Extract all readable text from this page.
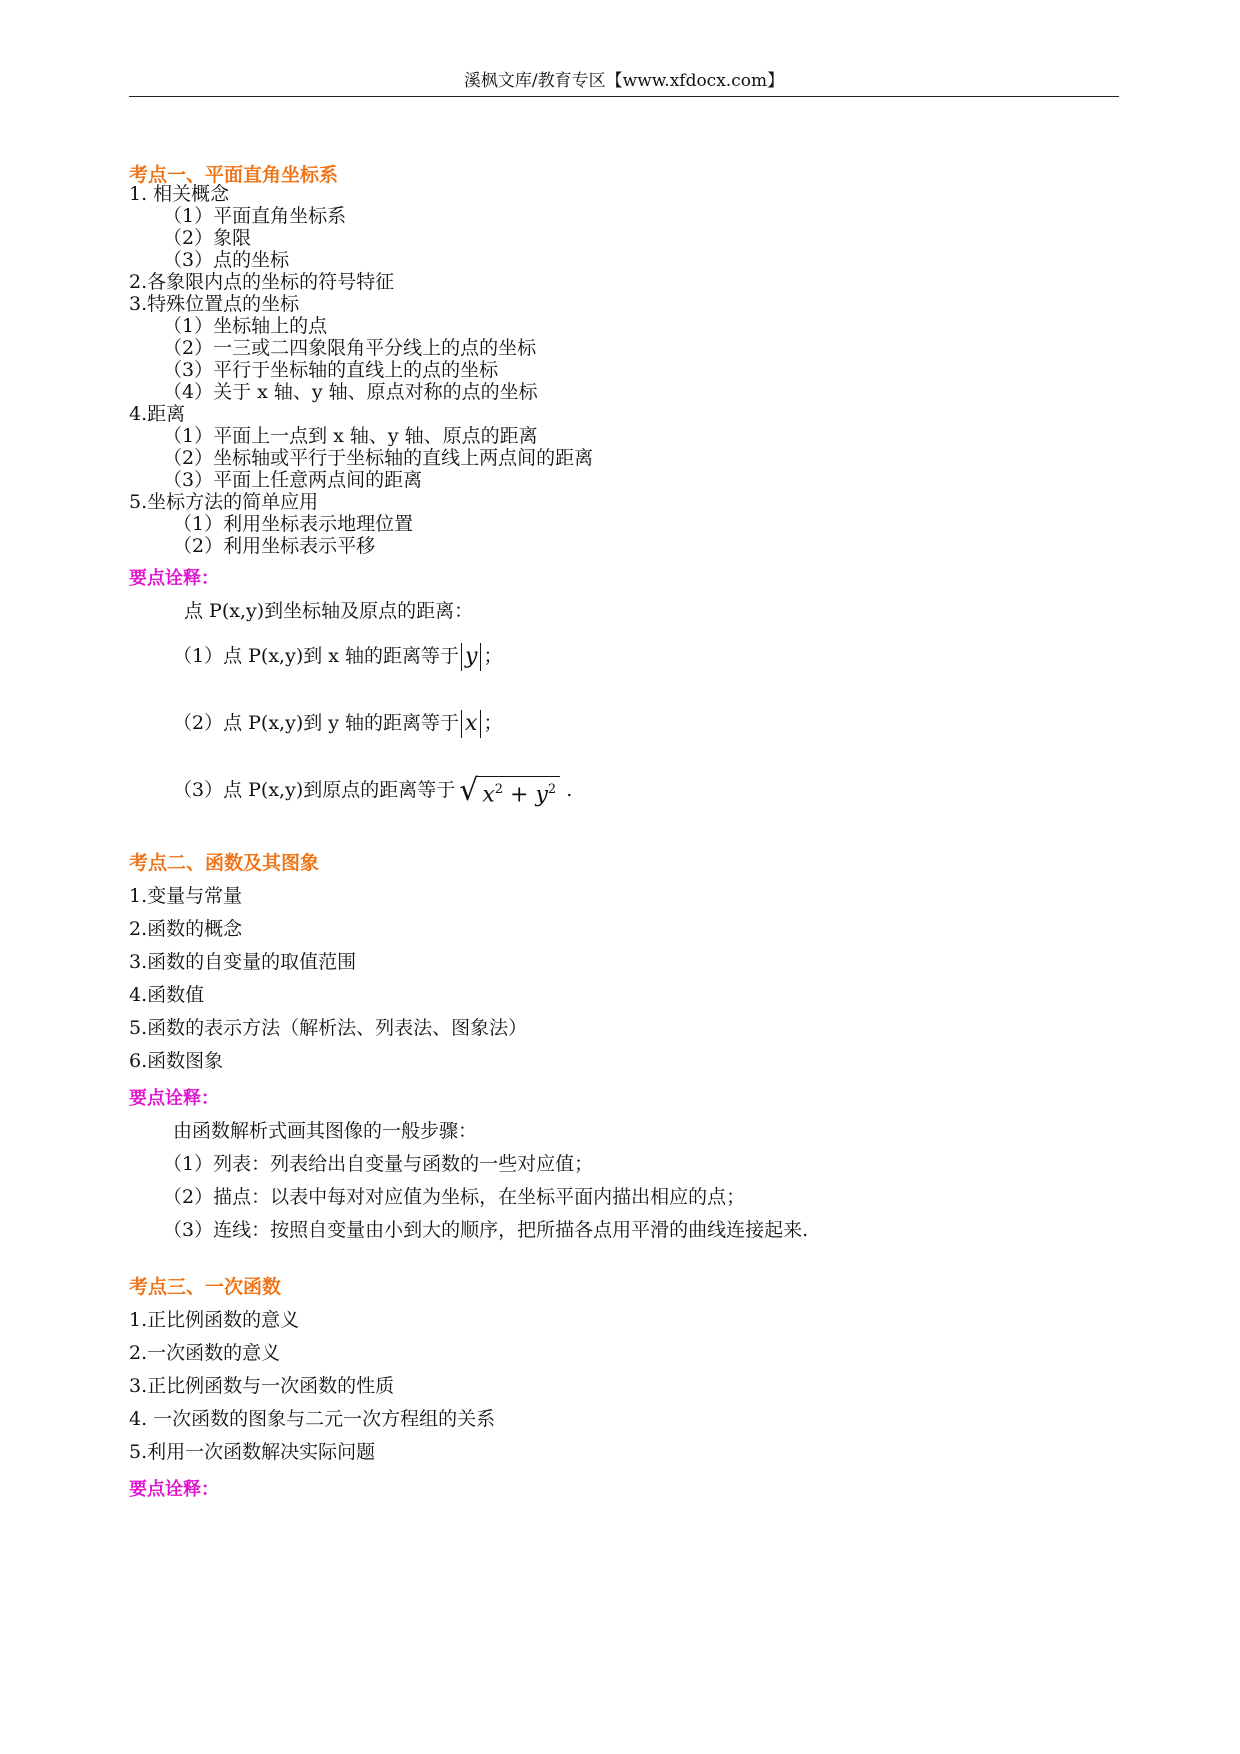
溪枫文库/教育专区【www.xfdocx.com】
考点一、平面直角坐标系
1. 相关概念
（1）平面直角坐标系
（2）象限
（3）点的坐标
2.各象限内点的坐标的符号特征
3.特殊位置点的坐标
（1）坐标轴上的点
（2）一三或二四象限角平分线上的点的坐标
（3）平行于坐标轴的直线上的点的坐标
（4）关于 x 轴、y 轴、原点对称的点的坐标
4.距离
（1）平面上一点到 x 轴、y 轴、原点的距离
（2）坐标轴或平行于坐标轴的直线上两点间的距离
（3）平面上任意两点间的距离
5.坐标方法的简单应用
（1）利用坐标表示地理位置
（2）利用坐标表示平移
要点诠释：
点 P(x,y)到坐标轴及原点的距离：
（1）点 P(x,y)到 x 轴的距离等于 y ；
（2）点 P(x,y)到 y 轴的距离等于 x ；
（3）点 P(x,y)到原点的距离等于 √ $x^2 + y^2$ .
考点二、函数及其图象
1.变量与常量
2.函数的概念
3.函数的自变量的取值范围
4.函数值
5.函数的表示方法（解析法、列表法、图象法）
6.函数图象
要点诠释：
由函数解析式画其图像的一般步骤：
（1）列表：列表给出自变量与函数的一些对应值；
（2）描点：以表中每对对应值为坐标，在坐标平面内描出相应的点；
（3）连线：按照自变量由小到大的顺序，把所描各点用平滑的曲线连接起来.
考点三、一次函数
1.正比例函数的意义
2.一次函数的意义
3.正比例函数与一次函数的性质
4. 一次函数的图象与二元一次方程组的关系
5.利用一次函数解决实际问题
要点诠释：
